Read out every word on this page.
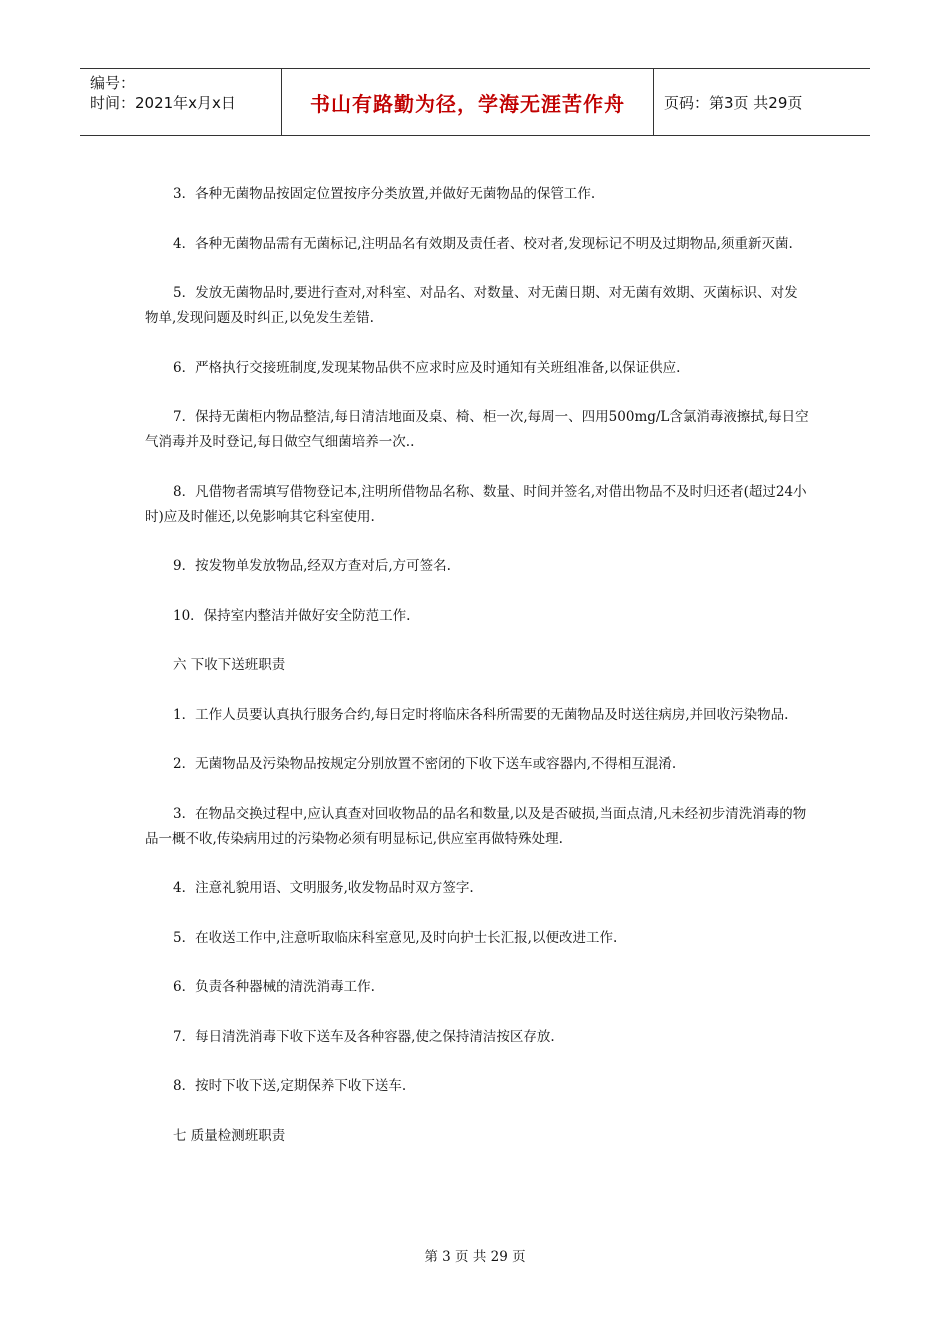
编号：
时间：2021年x月x日	书山有路勤为径，学海无涯苦作舟	页码：第3页 共29页

3．各种无菌物品按固定位置按序分类放置,并做好无菌物品的保管工作.

4．各种无菌物品需有无菌标记,注明品名有效期及责任者、校对者,发现标记不明及过期物品,须重新灭菌.

5．发放无菌物品时,要进行查对,对科室、对品名、对数量、对无菌日期、对无菌有效期、灭菌标识、对发物单,发现问题及时纠正,以免发生差错.

6．严格执行交接班制度,发现某物品供不应求时应及时通知有关班组准备,以保证供应.

7．保持无菌柜内物品整洁,每日清洁地面及桌、椅、柜一次,每周一、四用500mg/L含氯消毒液擦拭,每日空气消毒并及时登记,每日做空气细菌培养一次..

8．凡借物者需填写借物登记本,注明所借物品名称、数量、时间并签名,对借出物品不及时归还者(超过24小时)应及时催还,以免影响其它科室使用.

9．按发物单发放物品,经双方查对后,方可签名.

10．保持室内整洁并做好安全防范工作.

六 下收下送班职责

1．工作人员要认真执行服务合约,每日定时将临床各科所需要的无菌物品及时送往病房,并回收污染物品.

2．无菌物品及污染物品按规定分别放置不密闭的下收下送车或容器内,不得相互混淆.

3．在物品交换过程中,应认真查对回收物品的品名和数量,以及是否破损,当面点清,凡未经初步清洗消毒的物品一概不收,传染病用过的污染物必须有明显标记,供应室再做特殊处理.

4．注意礼貌用语、文明服务,收发物品时双方签字.

5．在收送工作中,注意听取临床科室意见,及时向护士长汇报,以便改进工作.

6．负责各种器械的清洗消毒工作.

7．每日清洗消毒下收下送车及各种容器,使之保持清洁按区存放.

8．按时下收下送,定期保养下收下送车.

七 质量检测班职责

第 3 页 共 29 页
